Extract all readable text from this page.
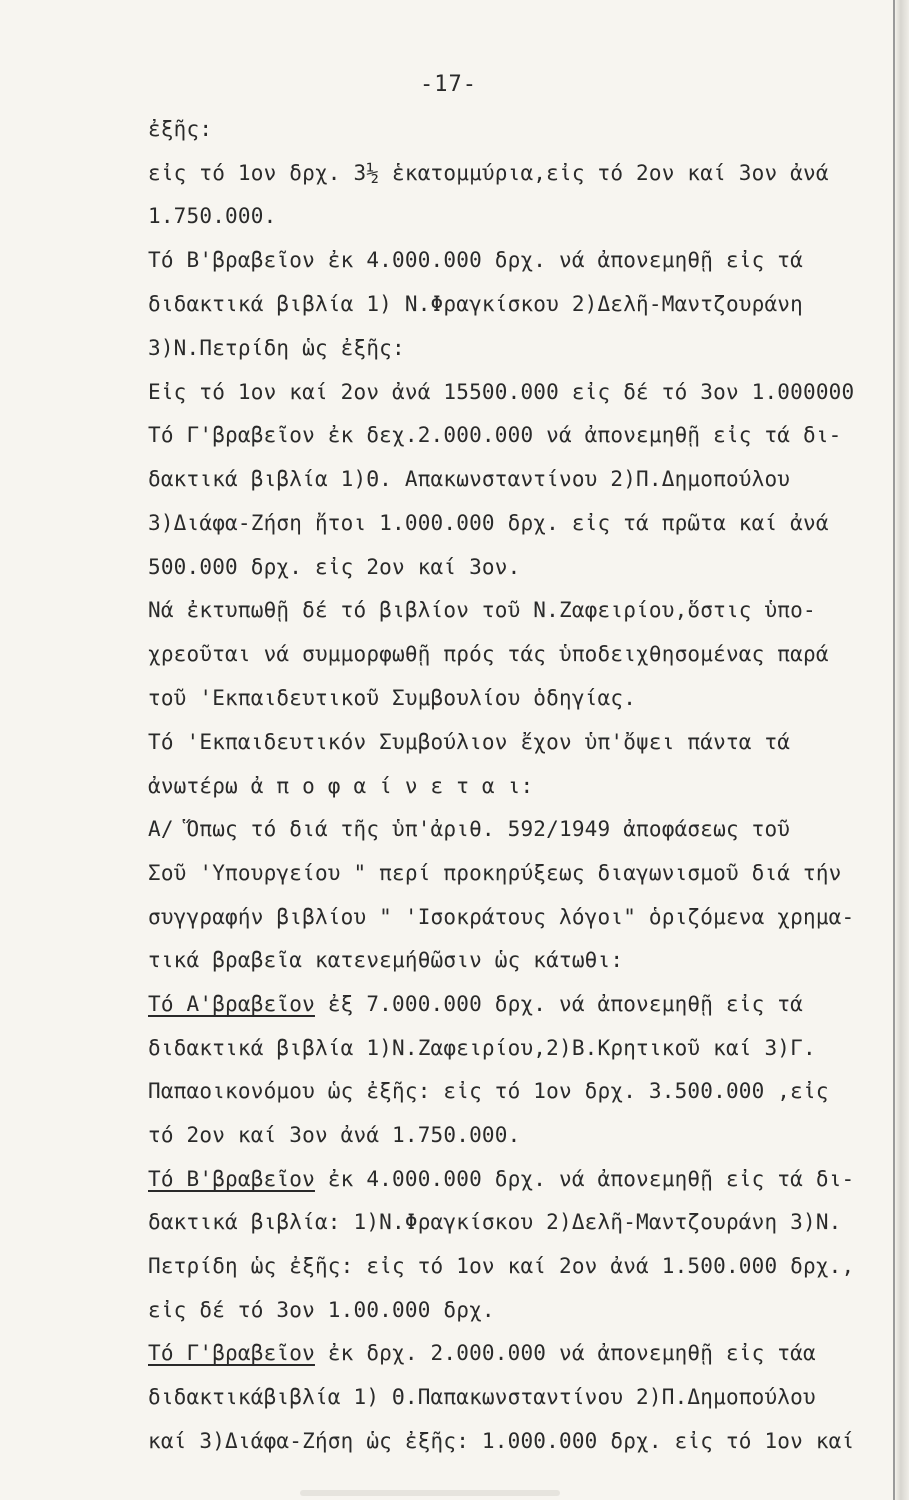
-17-
ἐξῆς:
εἰς τό 1ον δρχ. 3½ ἑκατομμύρια,εἰς τό 2ον καί 3ον ἀνά
1.750.000.
Τό Β'βραβεῖον ἐκ 4.000.000 δρχ. νά ἀπονεμηθῇ εἰς τά
διδακτικά βιβλία 1) Ν.Φραγκίσκου 2)Δελῆ-Μαντζουράνη
3)Ν.Πετρίδη ὡς ἐξῆς:
Εἰς τό 1ον καί 2ον ἀνά 15500.000 εἰς δέ τό 3ον 1.000000
Τό Γ'βραβεῖον ἐκ δεχ.2.000.000 νά ἀπονεμηθῇ εἰς τά δι-
δακτικά βιβλία 1)Θ. Απακωνσταντίνου 2)Π.Δημοπούλου
3)Διάφα-Ζήση ἤτοι 1.000.000 δρχ. εἰς τά πρῶτα καί ἀνά
500.000 δρχ. εἰς 2ον καί 3ον.
Νά ἐκτυπωθῇ δέ τό βιβλίον τοῦ Ν.Ζαφειρίου,ὅστις ὑπο-
χρεοῦται νά συμμορφωθῇ πρός τάς ὑποδειχθησομένας παρά
τοῦ 'Εκπαιδευτικοῦ Συμβουλίου ὁδηγίας.
Τό 'Εκπαιδευτικόν Συμβούλιον ἔχον ὑπ'ὄψει πάντα τά
ἀνωτέρω ἀ π ο φ α ί ν ε τ α ι:
Α/ Ὅπως τό διά τῆς ὑπ'ἀριθ. 592/1949 ἀποφάσεως τοῦ
Σοῦ 'Υπουργείου " περί προκηρύξεως διαγωνισμοῦ διά τήν
συγγραφήν βιβλίου " 'Ισοκράτους λόγοι" ὁριζόμενα χρημα-
τικά βραβεῖα κατενεμήθῶσιν ὡς κάτωθι:
Τό Α'βραβεῖον ἐξ 7.000.000 δρχ. νά ἀπονεμηθῇ εἰς τά
διδακτικά βιβλία 1)Ν.Ζαφειρίου,2)Β.Κρητικοῦ καί 3)Γ.
Παπαοικονόμου ὡς ἐξῆς: εἰς τό 1ον δρχ. 3.500.000 ,εἰς
τό 2ον καί 3ον ἀνά 1.750.000.
Τό Β'βραβεῖον ἐκ 4.000.000 δρχ. νά ἀπονεμηθῇ εἰς τά δι-
δακτικά βιβλία: 1)Ν.Φραγκίσκου 2)Δελῆ-Μαντζουράνη 3)Ν.
Πετρίδη ὡς ἐξῆς: εἰς τό 1ον καί 2ον ἀνά 1.500.000 δρχ.,
εἰς δέ τό 3ον 1.00.000 δρχ.
Τό Γ'βραβεῖον ἐκ δρχ. 2.000.000 νά ἀπονεμηθῇ εἰς τάα
διδακτικάβιβλία 1) Θ.Παπακωνσταντίνου 2)Π.Δημοπούλου
καί 3)Διάφα-Ζήση ὡς ἐξῆς: 1.000.000 δρχ. εἰς τό 1ον καί
